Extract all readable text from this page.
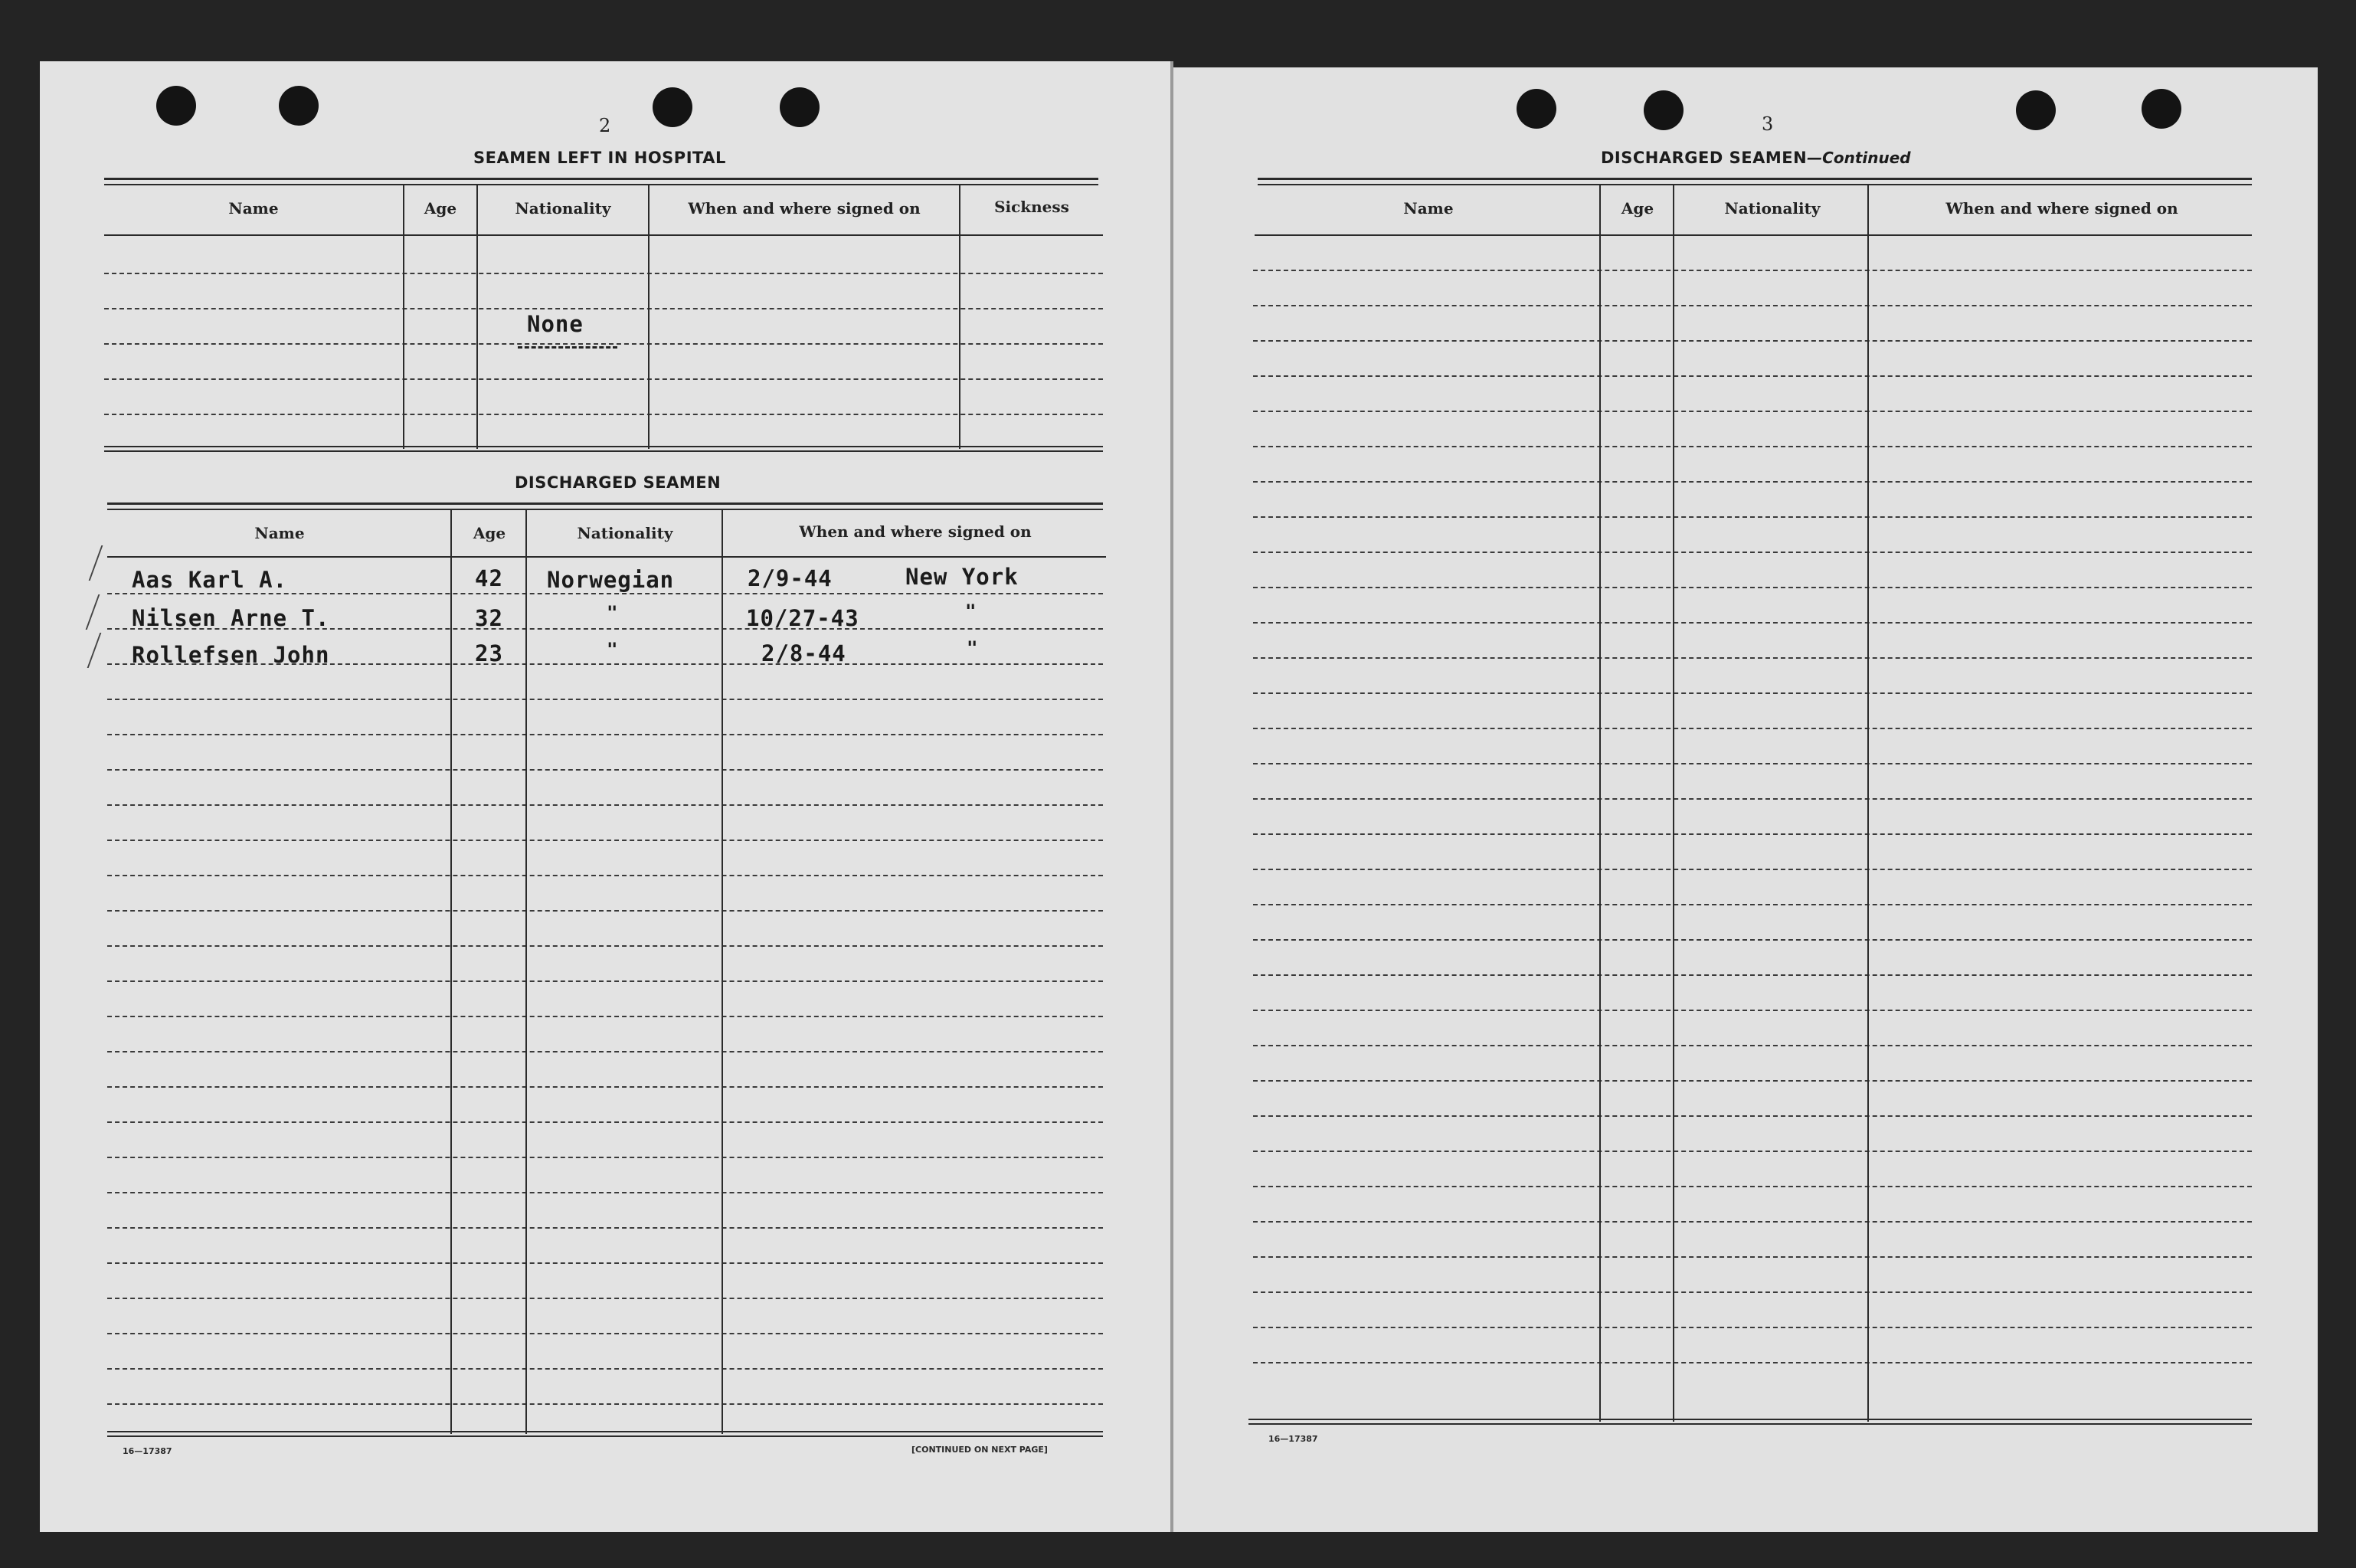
2
SEAMEN LEFT IN HOSPITAL
Name	Age	Nationality	When and where signed on	Sickness
None
DISCHARGED SEAMEN
Name	Age	Nationality	When and where signed on
Aas Karl A.	42 Norwegian	2/9-44	New York
Nilsen Arne T.	32	"	10/27-43	"
Rollefsen John	23	"	2/8-44	"
16—17387	[CONTINUED ON NEXT PAGE]
3
DISCHARGED SEAMEN—Continued
Name	Age	Nationality	When and where signed on
16—17387
